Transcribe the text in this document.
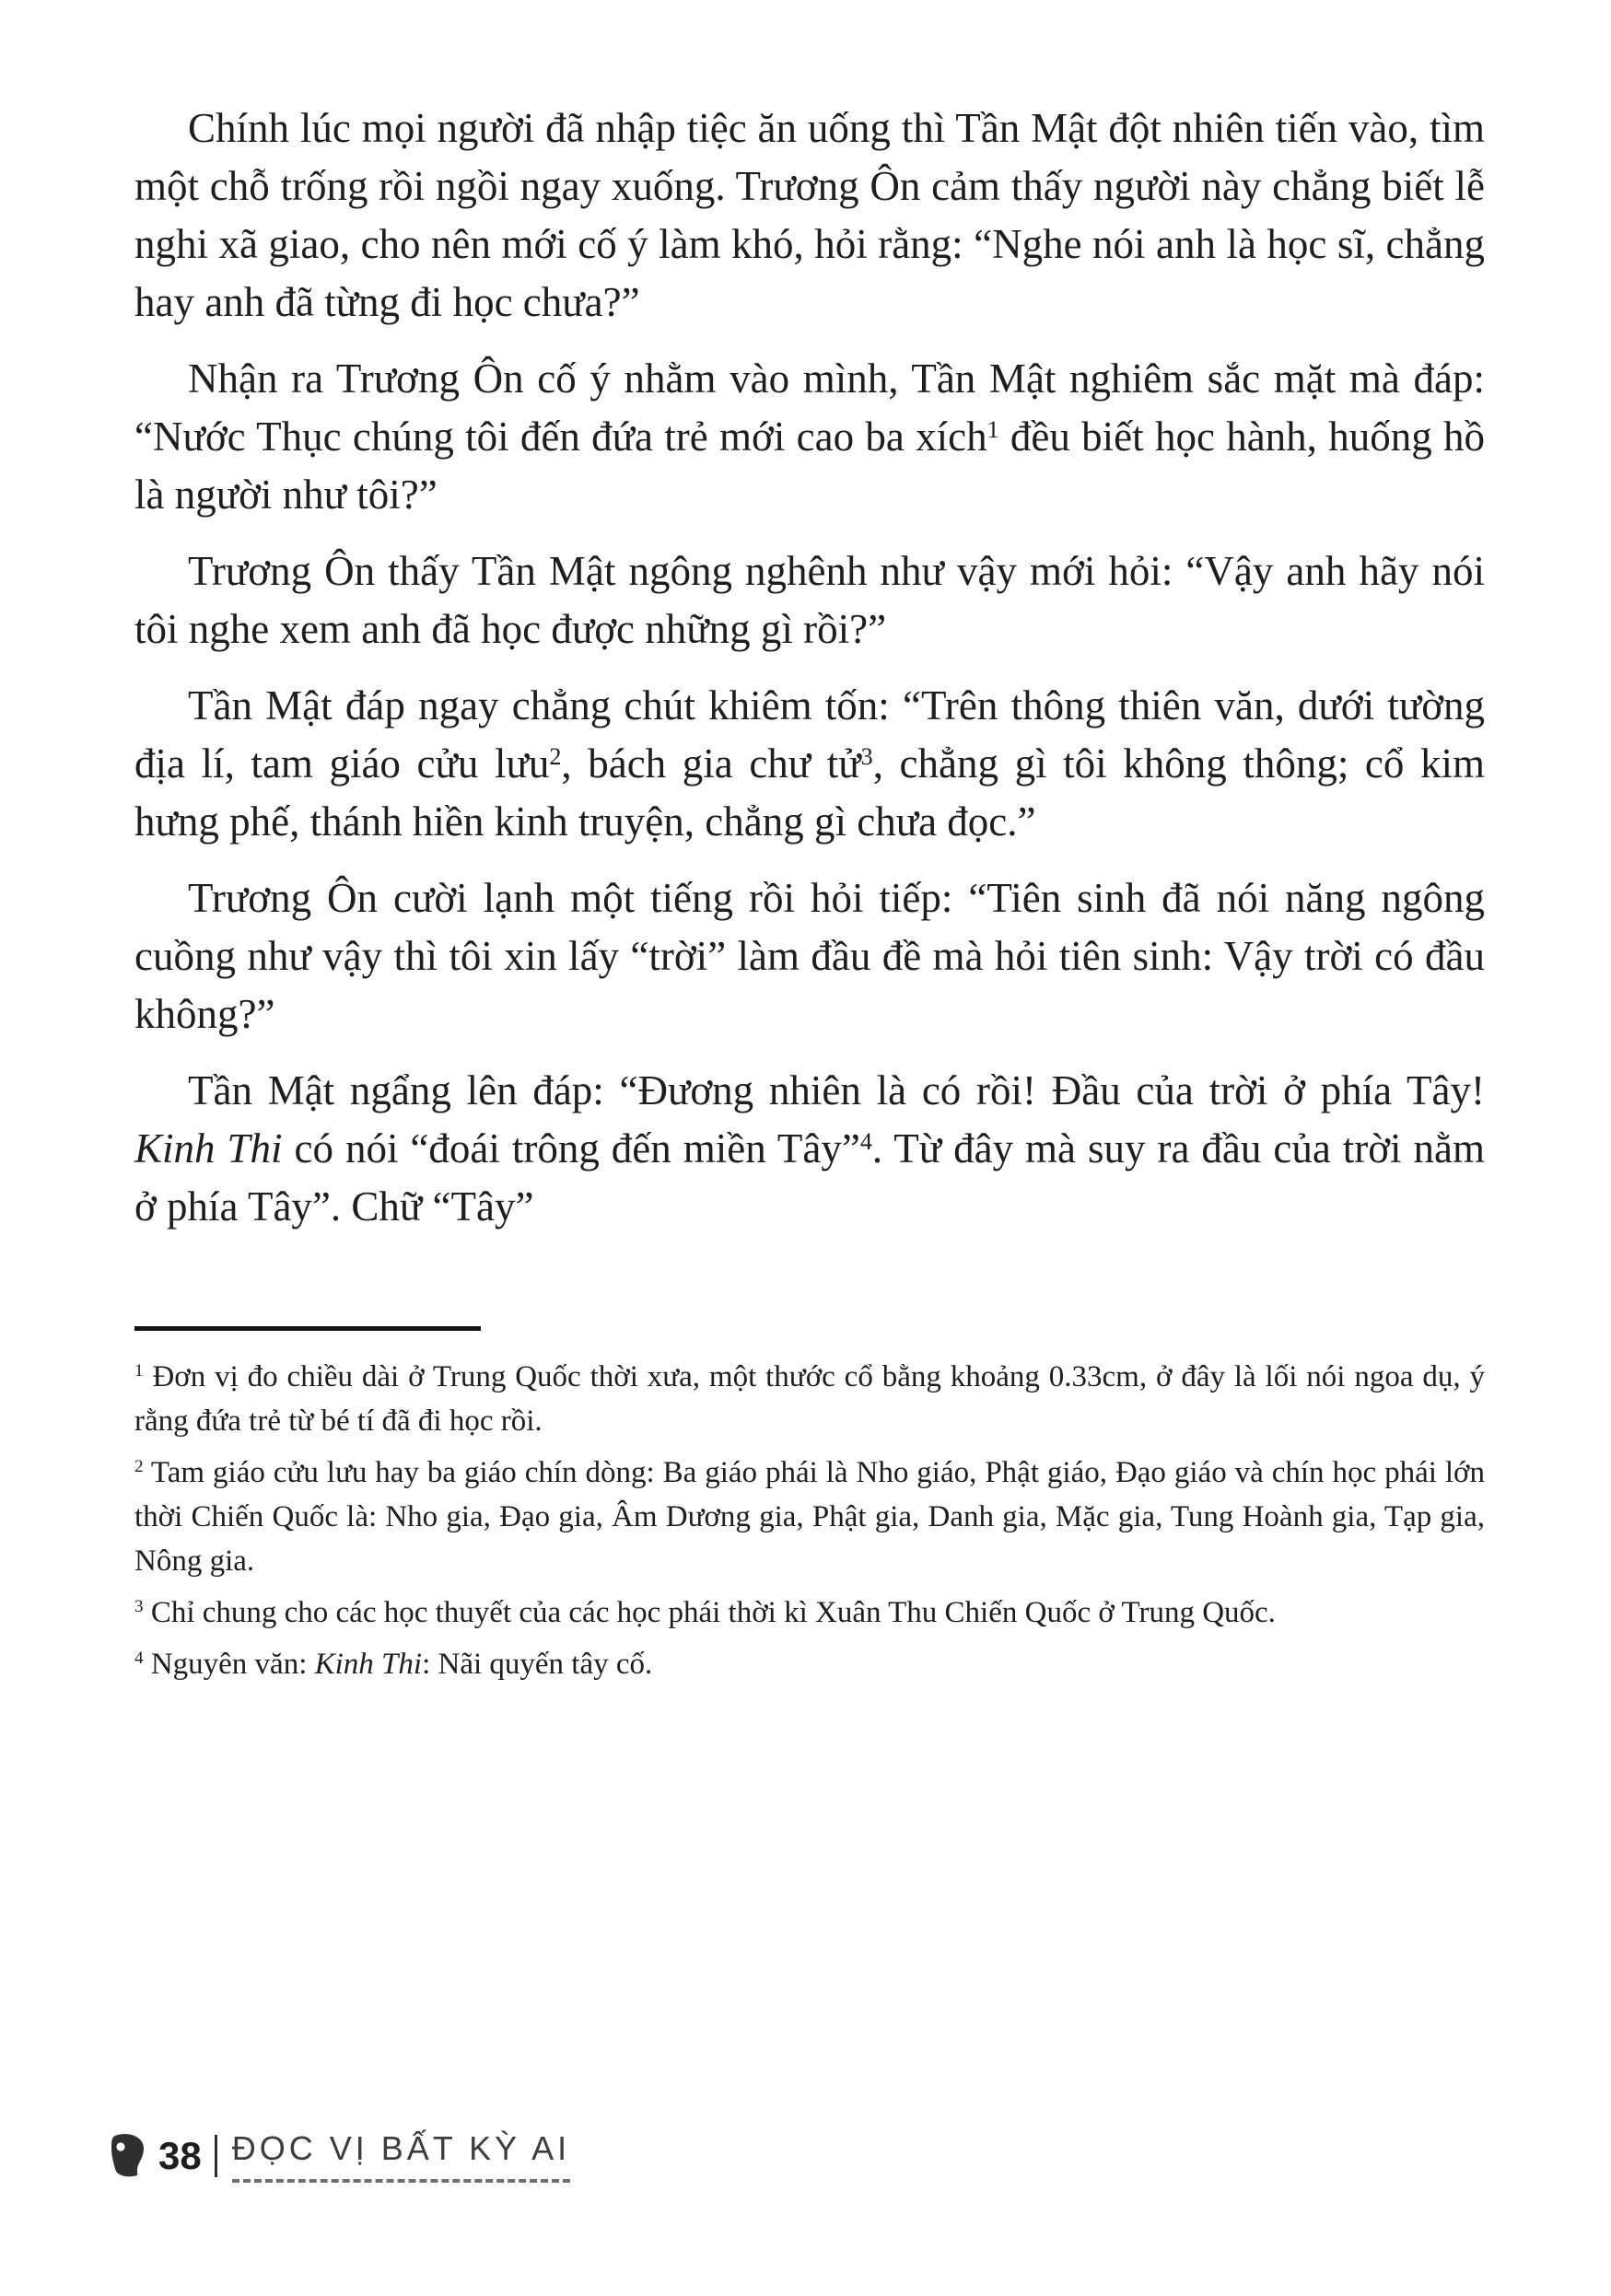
Chính lúc mọi người đã nhập tiệc ăn uống thì Tần Mật đột nhiên tiến vào, tìm một chỗ trống rồi ngồi ngay xuống. Trương Ôn cảm thấy người này chẳng biết lễ nghi xã giao, cho nên mới cố ý làm khó, hỏi rằng: “Nghe nói anh là học sĩ, chẳng hay anh đã từng đi học chưa?”

Nhận ra Trương Ôn cố ý nhằm vào mình, Tần Mật nghiêm sắc mặt mà đáp: “Nước Thục chúng tôi đến đứa trẻ mới cao ba xích$^1$ đều biết học hành, huống hồ là người như tôi?”

Trương Ôn thấy Tần Mật ngông nghênh như vậy mới hỏi: “Vậy anh hãy nói tôi nghe xem anh đã học được những gì rồi?”

Tần Mật đáp ngay chẳng chút khiêm tốn: “Trên thông thiên văn, dưới tường địa lí, tam giáo cửu lưu$^2$, bách gia chư tử$^3$, chẳng gì tôi không thông; cổ kim hưng phế, thánh hiền kinh truyện, chẳng gì chưa đọc.”

Trương Ôn cười lạnh một tiếng rồi hỏi tiếp: “Tiên sinh đã nói năng ngông cuồng như vậy thì tôi xin lấy “trời” làm đầu đề mà hỏi tiên sinh: Vậy trời có đầu không?”

Tần Mật ngẩng lên đáp: “Đương nhiên là có rồi! Đầu của trời ở phía Tây! Kinh Thi có nói “đoái trông đến miền Tây”$^4$. Từ đây mà suy ra đầu của trời nằm ở phía Tây”. Chữ “Tây”

$^1$ Đơn vị đo chiều dài ở Trung Quốc thời xưa, một thước cổ bằng khoảng 0.33cm, ở đây là lối nói ngoa dụ, ý rằng đứa trẻ từ bé tí đã đi học rồi.

$^2$ Tam giáo cửu lưu hay ba giáo chín dòng: Ba giáo phái là Nho giáo, Phật giáo, Đạo giáo và chín học phái lớn thời Chiến Quốc là: Nho gia, Đạo gia, Âm Dương gia, Phật gia, Danh gia, Mặc gia, Tung Hoành gia, Tạp gia, Nông gia.

$^3$ Chỉ chung cho các học thuyết của các học phái thời kì Xuân Thu Chiến Quốc ở Trung Quốc.

$^4$ Nguyên văn: Kinh Thi: Nãi quyến tây cố.

38 ĐỌC VỊ BẤT KỲ AI
